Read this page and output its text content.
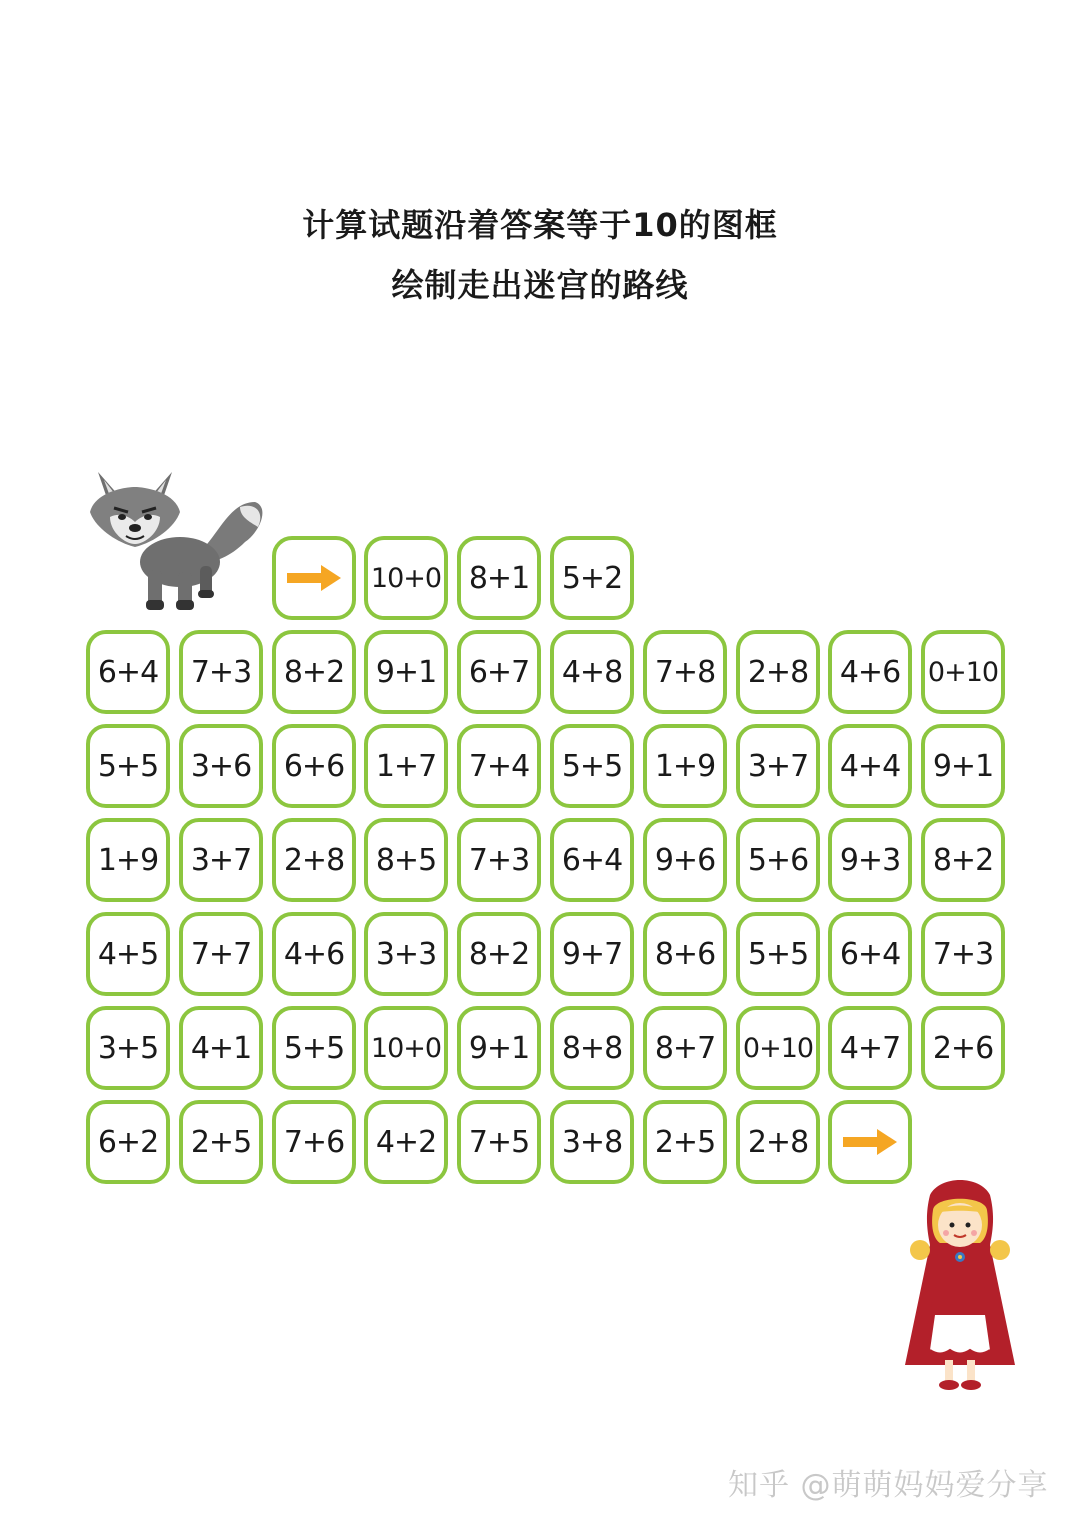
计算试题沿着答案等于10的图框
绘制走出迷宫的路线
10+0 8+1	5+2
6+4	7+3	8+2	9+1	6+7	4+8	7+8	2+8	4+6	0+10
5+5	3+6	6+6	1+7	7+4	5+5	1+9	3+7	4+4	9+1
1+9	3+7	2+8	8+5	7+3	6+4	9+6	5+6	9+3	8+2
4+5	7+7	4+6	3+3	8+2	9+7	8+6	5+5	6+4	7+3
3+5	4+1	5+5 10+0 9+1	8+8	8+7	0+10 4+7	2+6
6+2	2+5	7+6	4+2	7+5	3+8	2+5	2+8
知乎 @萌萌妈妈爱分享
